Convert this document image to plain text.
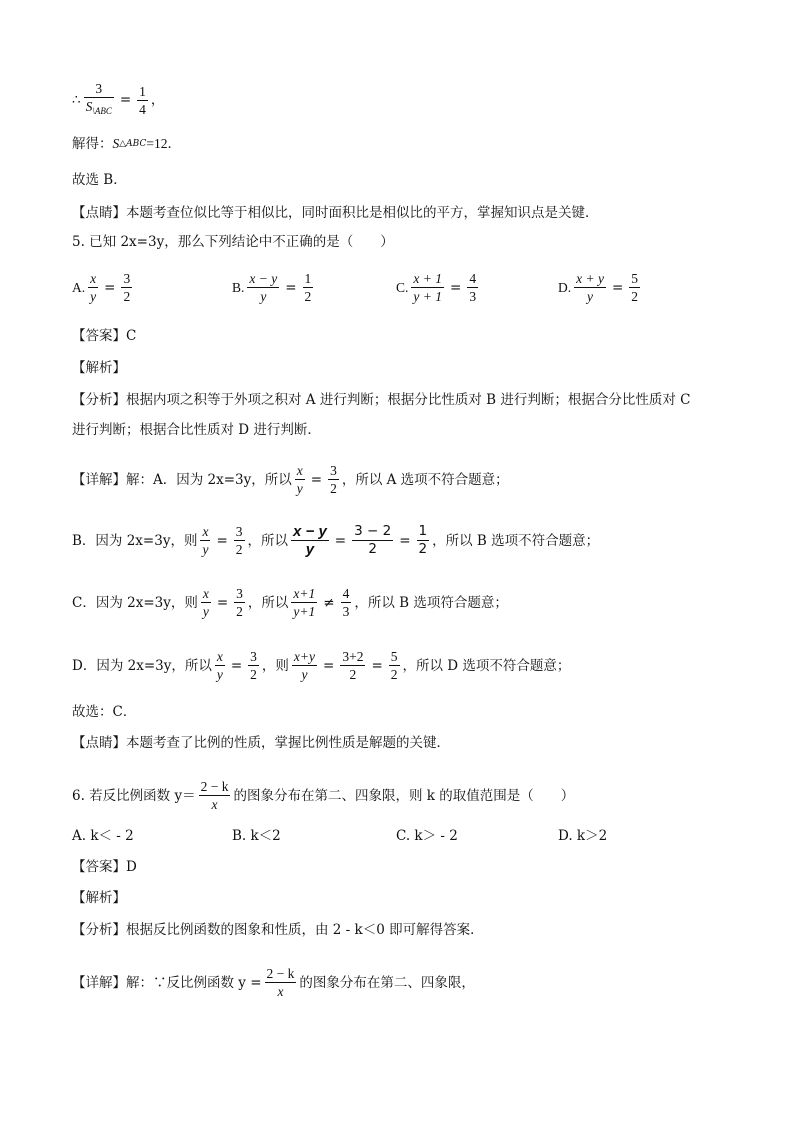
∴ $\frac{3}{S_{\backslash ABC}} = \frac{1}{4}$ ，
解得： S △ABC =12．
故选 B．
【点睛】本题考查位似比等于相似比，同时面积比是相似比的平方，掌握知识点是关键．
5. 已知 2x=3y，那么下列结论中不正确的是（　　）
A. $\frac{x}{y} = \frac{3}{2}$	B. $\frac{x - y}{y} = \frac{1}{2}$	C. $\frac{x + 1}{y + 1} = \frac{4}{3}$	D. $\frac{x + y}{y} = \frac{5}{2}$
【答案】C
【解析】
【分析】根据内项之积等于外项之积对 A 进行判断；根据分比性质对 B 进行判断；根据合分比性质对 C
进行判断；根据合比性质对 D 进行判断．
【详解】解：A．因为 2x=3y，所以 $\frac{x}{y} = \frac{3}{2}$ ，所以 A 选项不符合题意；
B．因为 2x=3y，则 $\frac{x}{y} = \frac{3}{2}$ ，所以 $\frac{x - y}{y} = \frac{3 - 2}{2} = \frac{1}{2}$ ，所以 B 选项不符合题意；
C．因为 2x=3y，则 $\frac{x}{y} = \frac{3}{2}$ ，所以 $\frac{x+1}{y+1} \ne \frac{4}{3}$ ，所以 B 选项符合题意；
D．因为 2x=3y，所以 $\frac{x}{y} = \frac{3}{2}$ ，则 $\frac{x+y}{y} = \frac{3+2}{2} = \frac{5}{2}$ ，所以 D 选项不符合题意；
故选：C．
【点睛】本题考查了比例的性质，掌握比例性质是解题的关键．
6. 若反比例函数 $y= \frac{2 - k}{x}$ 的图象分布在第二、四象限，则 k 的取值范围是（　　）
A. k＜ - 2	B. k＜2	C. k＞ - 2	D. k＞2
【答案】D
【解析】
【分析】根据反比例函数的图象和性质，由 2 - k＜0 即可解得答案．
【详解】解：∵反比例函数 $y = \frac{2 - k}{x}$ 的图象分布在第二、四象限，
